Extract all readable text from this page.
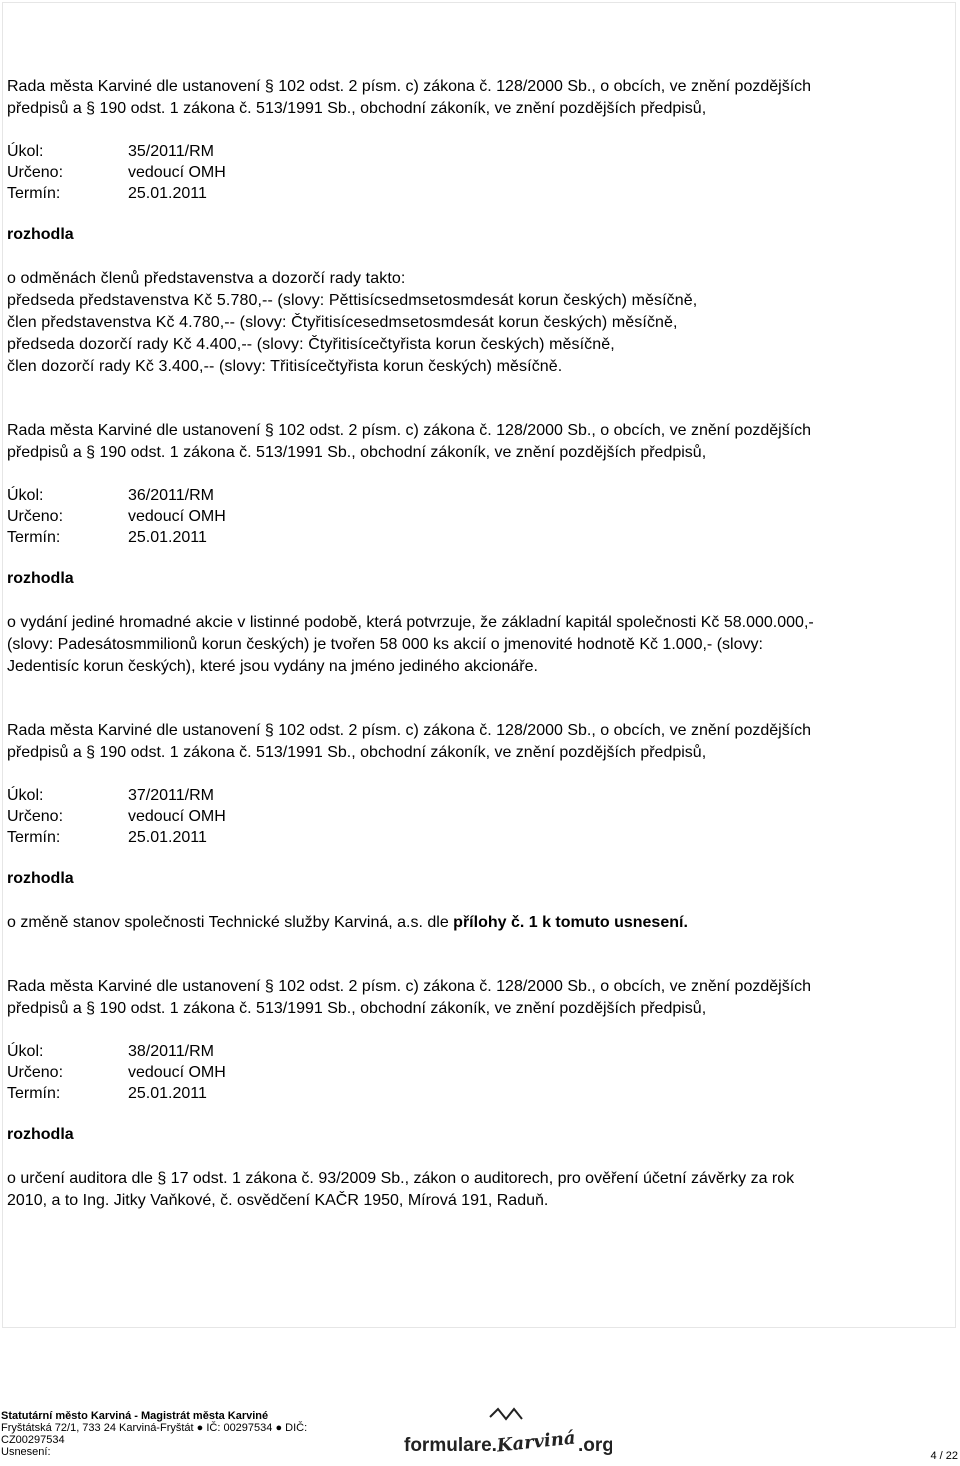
Rada města Karviné dle ustanovení § 102 odst. 2 písm. c) zákona č. 128/2000 Sb., o obcích, ve znění pozdějších

předpisů a § 190 odst. 1 zákona č. 513/1991 Sb., obchodní zákoník, ve znění pozdějších předpisů,

Úkol:	35/2011/RM
Určeno:	vedoucí OMH
Termín:	25.01.2011
rozhodla

o odměnách členů představenstva a dozorčí rady takto:

předseda představenstva Kč 5.780,-- (slovy: Pěttisícsedmsetosmdesát korun českých) měsíčně,

člen představenstva Kč 4.780,-- (slovy: Čtyřitisícesedmsetosmdesát korun českých) měsíčně,

předseda dozorčí rady Kč 4.400,-- (slovy: Čtyřitisícečtyřista korun českých) měsíčně,

člen dozorčí rady Kč 3.400,-- (slovy: Třitisícečtyřista korun českých) měsíčně.

Rada města Karviné dle ustanovení § 102 odst. 2 písm. c) zákona č. 128/2000 Sb., o obcích, ve znění pozdějších

předpisů a § 190 odst. 1 zákona č. 513/1991 Sb., obchodní zákoník, ve znění pozdějších předpisů,

Úkol:	36/2011/RM
Určeno:	vedoucí OMH
Termín:	25.01.2011
rozhodla

o vydání jediné hromadné akcie v listinné podobě, která potvrzuje, že základní kapitál společnosti Kč 58.000.000,-

(slovy: Padesátosmmilionů korun českých) je tvořen 58 000 ks akcií o jmenovité hodnotě Kč 1.000,- (slovy:

Jedentisíc korun českých), které jsou vydány na jméno jediného akcionáře.

Rada města Karviné dle ustanovení § 102 odst. 2 písm. c) zákona č. 128/2000 Sb., o obcích, ve znění pozdějších

předpisů a § 190 odst. 1 zákona č. 513/1991 Sb., obchodní zákoník, ve znění pozdějších předpisů,

Úkol:	37/2011/RM
Určeno:	vedoucí OMH
Termín:	25.01.2011
rozhodla

o změně stanov společnosti Technické služby Karviná, a.s. dle přílohy č. 1 k tomuto usnesení.

Rada města Karviné dle ustanovení § 102 odst. 2 písm. c) zákona č. 128/2000 Sb., o obcích, ve znění pozdějších

předpisů a § 190 odst. 1 zákona č. 513/1991 Sb., obchodní zákoník, ve znění pozdějších předpisů,

Úkol:	38/2011/RM
Určeno:	vedoucí OMH
Termín:	25.01.2011
rozhodla

o určení auditora dle § 17 odst. 1 zákona č. 93/2009 Sb., zákon o auditorech, pro ověření účetní závěrky za rok

2010, a to Ing. Jitky Vaňkové, č. osvědčení KAČR 1950, Mírová 191, Raduň.

Statutární město Karviná - Magistrát města Karviné
Fryštátská 72/1, 733 24 Karviná-Fryštát ● IČ: 00297534 ● DIČ:
CZ00297534
Usnesení:	formulare.
Karviná .org	4 / 22
